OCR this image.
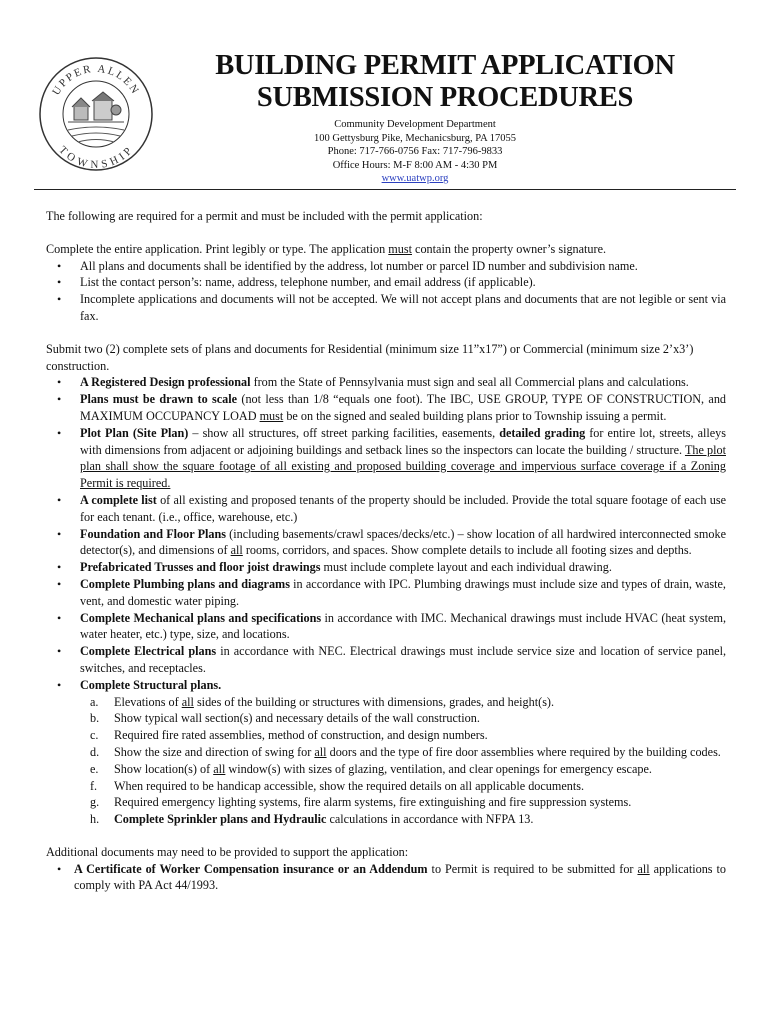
UPPER ALLEN
TOWNSHIP
BUILDING PERMIT APPLICATION
SUBMISSION PROCEDURES
Community Development Department
100 Gettysburg Pike, Mechanicsburg, PA 17055
Phone: 717-766-0756 Fax: 717-796-9833
Office Hours: M-F 8:00 AM - 4:30 PM
www.uatwp.org

The following are required for a permit and must be included with the permit application:

Complete the entire application. Print legibly or type. The application must contain the property owner’s signature.

• All plans and documents shall be identified by the address, lot number or parcel ID number and subdivision name.
• List the contact person’s: name, address, telephone number, and email address (if applicable).
• Incomplete applications and documents will not be accepted. We will not accept plans and documents that are not legible or sent via fax.

Submit two (2) complete sets of plans and documents for Residential (minimum size 11”x17”) or Commercial (minimum size 2’x3’) construction.

• A Registered Design professional from the State of Pennsylvania must sign and seal all Commercial plans and calculations.
• Plans must be drawn to scale (not less than 1/8 “equals one foot). The IBC, USE GROUP, TYPE OF CONSTRUCTION, and MAXIMUM OCCUPANCY LOAD must be on the signed and sealed building plans prior to Township issuing a permit.
• Plot Plan (Site Plan) – show all structures, off street parking facilities, easements, detailed grading for entire lot, streets, alleys with dimensions from adjacent or adjoining buildings and setback lines so the inspectors can locate the building / structure. The plot plan shall show the square footage of all existing and proposed building coverage and impervious surface coverage if a Zoning Permit is required.
• A complete list of all existing and proposed tenants of the property should be included. Provide the total square footage of each use for each tenant. (i.e., office, warehouse, etc.)
• Foundation and Floor Plans (including basements/crawl spaces/decks/etc.) – show location of all hardwired interconnected smoke detector(s), and dimensions of all rooms, corridors, and spaces. Show complete details to include all footing sizes and depths.
• Prefabricated Trusses and floor joist drawings must include complete layout and each individual drawing.
• Complete Plumbing plans and diagrams in accordance with IPC. Plumbing drawings must include size and types of drain, waste, vent, and domestic water piping.
• Complete Mechanical plans and specifications in accordance with IMC. Mechanical drawings must include HVAC (heat system, water heater, etc.) type, size, and locations.
• Complete Electrical plans in accordance with NEC. Electrical drawings must include service size and location of service panel, switches, and receptacles.
• Complete Structural plans.
a. Elevations of all sides of the building or structures with dimensions, grades, and height(s).
b. Show typical wall section(s) and necessary details of the wall construction.
c. Required fire rated assemblies, method of construction, and design numbers.
d. Show the size and direction of swing for all doors and the type of fire door assemblies where required by the building codes.
e. Show location(s) of all window(s) with sizes of glazing, ventilation, and clear openings for emergency escape.
f. When required to be handicap accessible, show the required details on all applicable documents.
g. Required emergency lighting systems, fire alarm systems, fire extinguishing and fire suppression systems.
h. Complete Sprinkler plans and Hydraulic calculations in accordance with NFPA 13.

Additional documents may need to be provided to support the application:

• A Certificate of Worker Compensation insurance or an Addendum to Permit is required to be submitted for all applications to comply with PA Act 44/1993.
